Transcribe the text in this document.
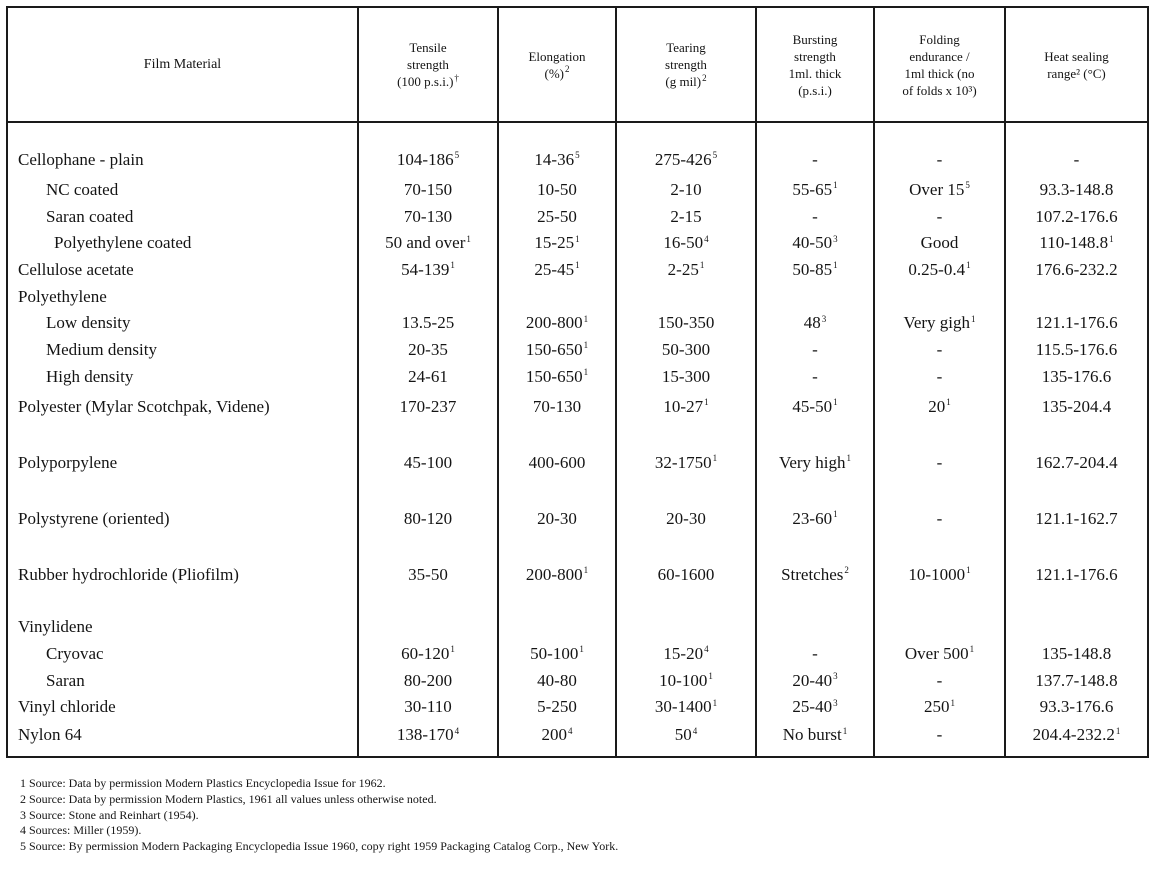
Film Material	Tensile
strength
(100 p.s.i.)†	Elongation
(%)$^2$	Tearing
strength
(g mil)$^2$	Bursting
strength
1ml. thick
(p.s.i.)	Folding
endurance /
1ml thick (no
of folds x 10³)	Heat sealing
range² (°C)
Cellophane - plain	$104-186^5$	$14-36^5$	$275-426^5$	-	-	-
NC coated	70-150	10-50	2-10	$55-65^1$	Over $15^5$	93.3-148.8
Saran coated	70-130	25-50	2-15	-	-	107.2-176.6
Polyethylene coated	50 and over$^1$	$15-25^1$	$16-50^4$	$40-50^3$	Good	110-148.8$^1$
Cellulose acetate	$54-139^1$	$25-45^1$	$2-25^1$	$50-85^1$	$0.25-0.4^1$	176.6-232.2
Polyethylene						
Low density	13.5-25	$200-800^1$	150-350	$48^3$	Very gigh$^1$	121.1-176.6
Medium density	20-35	$150-650^1$	50-300	-	-	115.5-176.6
High density	24-61	$150-650^1$	15-300	-	-	135-176.6
Polyester (Mylar Scotchpak, Videne)	170-237	70-130	$10-27^1$	$45-50^1$	$20^1$	135-204.4
Polyporpylene	45-100	400-600	32-1750$^1$	Very high$^1$	-	162.7-204.4
Polystyrene (oriented)	80-120	20-30	20-30	$23-60^1$	-	121.1-162.7
Rubber hydrochloride (Pliofilm)	35-50	$200-800^1$	60-1600	Stretches$^2$	10-1000$^1$	121.1-176.6
Vinylidene						
Cryovac	$60-120^1$	$50-100^1$	$15-20^4$	-	Over $500^1$	135-148.8
Saran	80-200	40-80	$10-100^1$	$20-40^3$	-	137.7-148.8
Vinyl chloride	30-110	5-250	30-1400$^1$	$25-40^3$	$250^1$	93.3-176.6
Nylon 64	$138-170^4$	$200^4$	$50^4$	No burst$^1$	-	204.4-232.2$^1$
1 Source: Data by permission Modern Plastics Encyclopedia Issue for 1962.
2 Source: Data by permission Modern Plastics, 1961 all values unless otherwise noted.
3 Source: Stone and Reinhart (1954).
4 Sources: Miller (1959).
5 Source: By permission Modern Packaging Encyclopedia Issue 1960, copy right 1959 Packaging Catalog Corp., New York.
